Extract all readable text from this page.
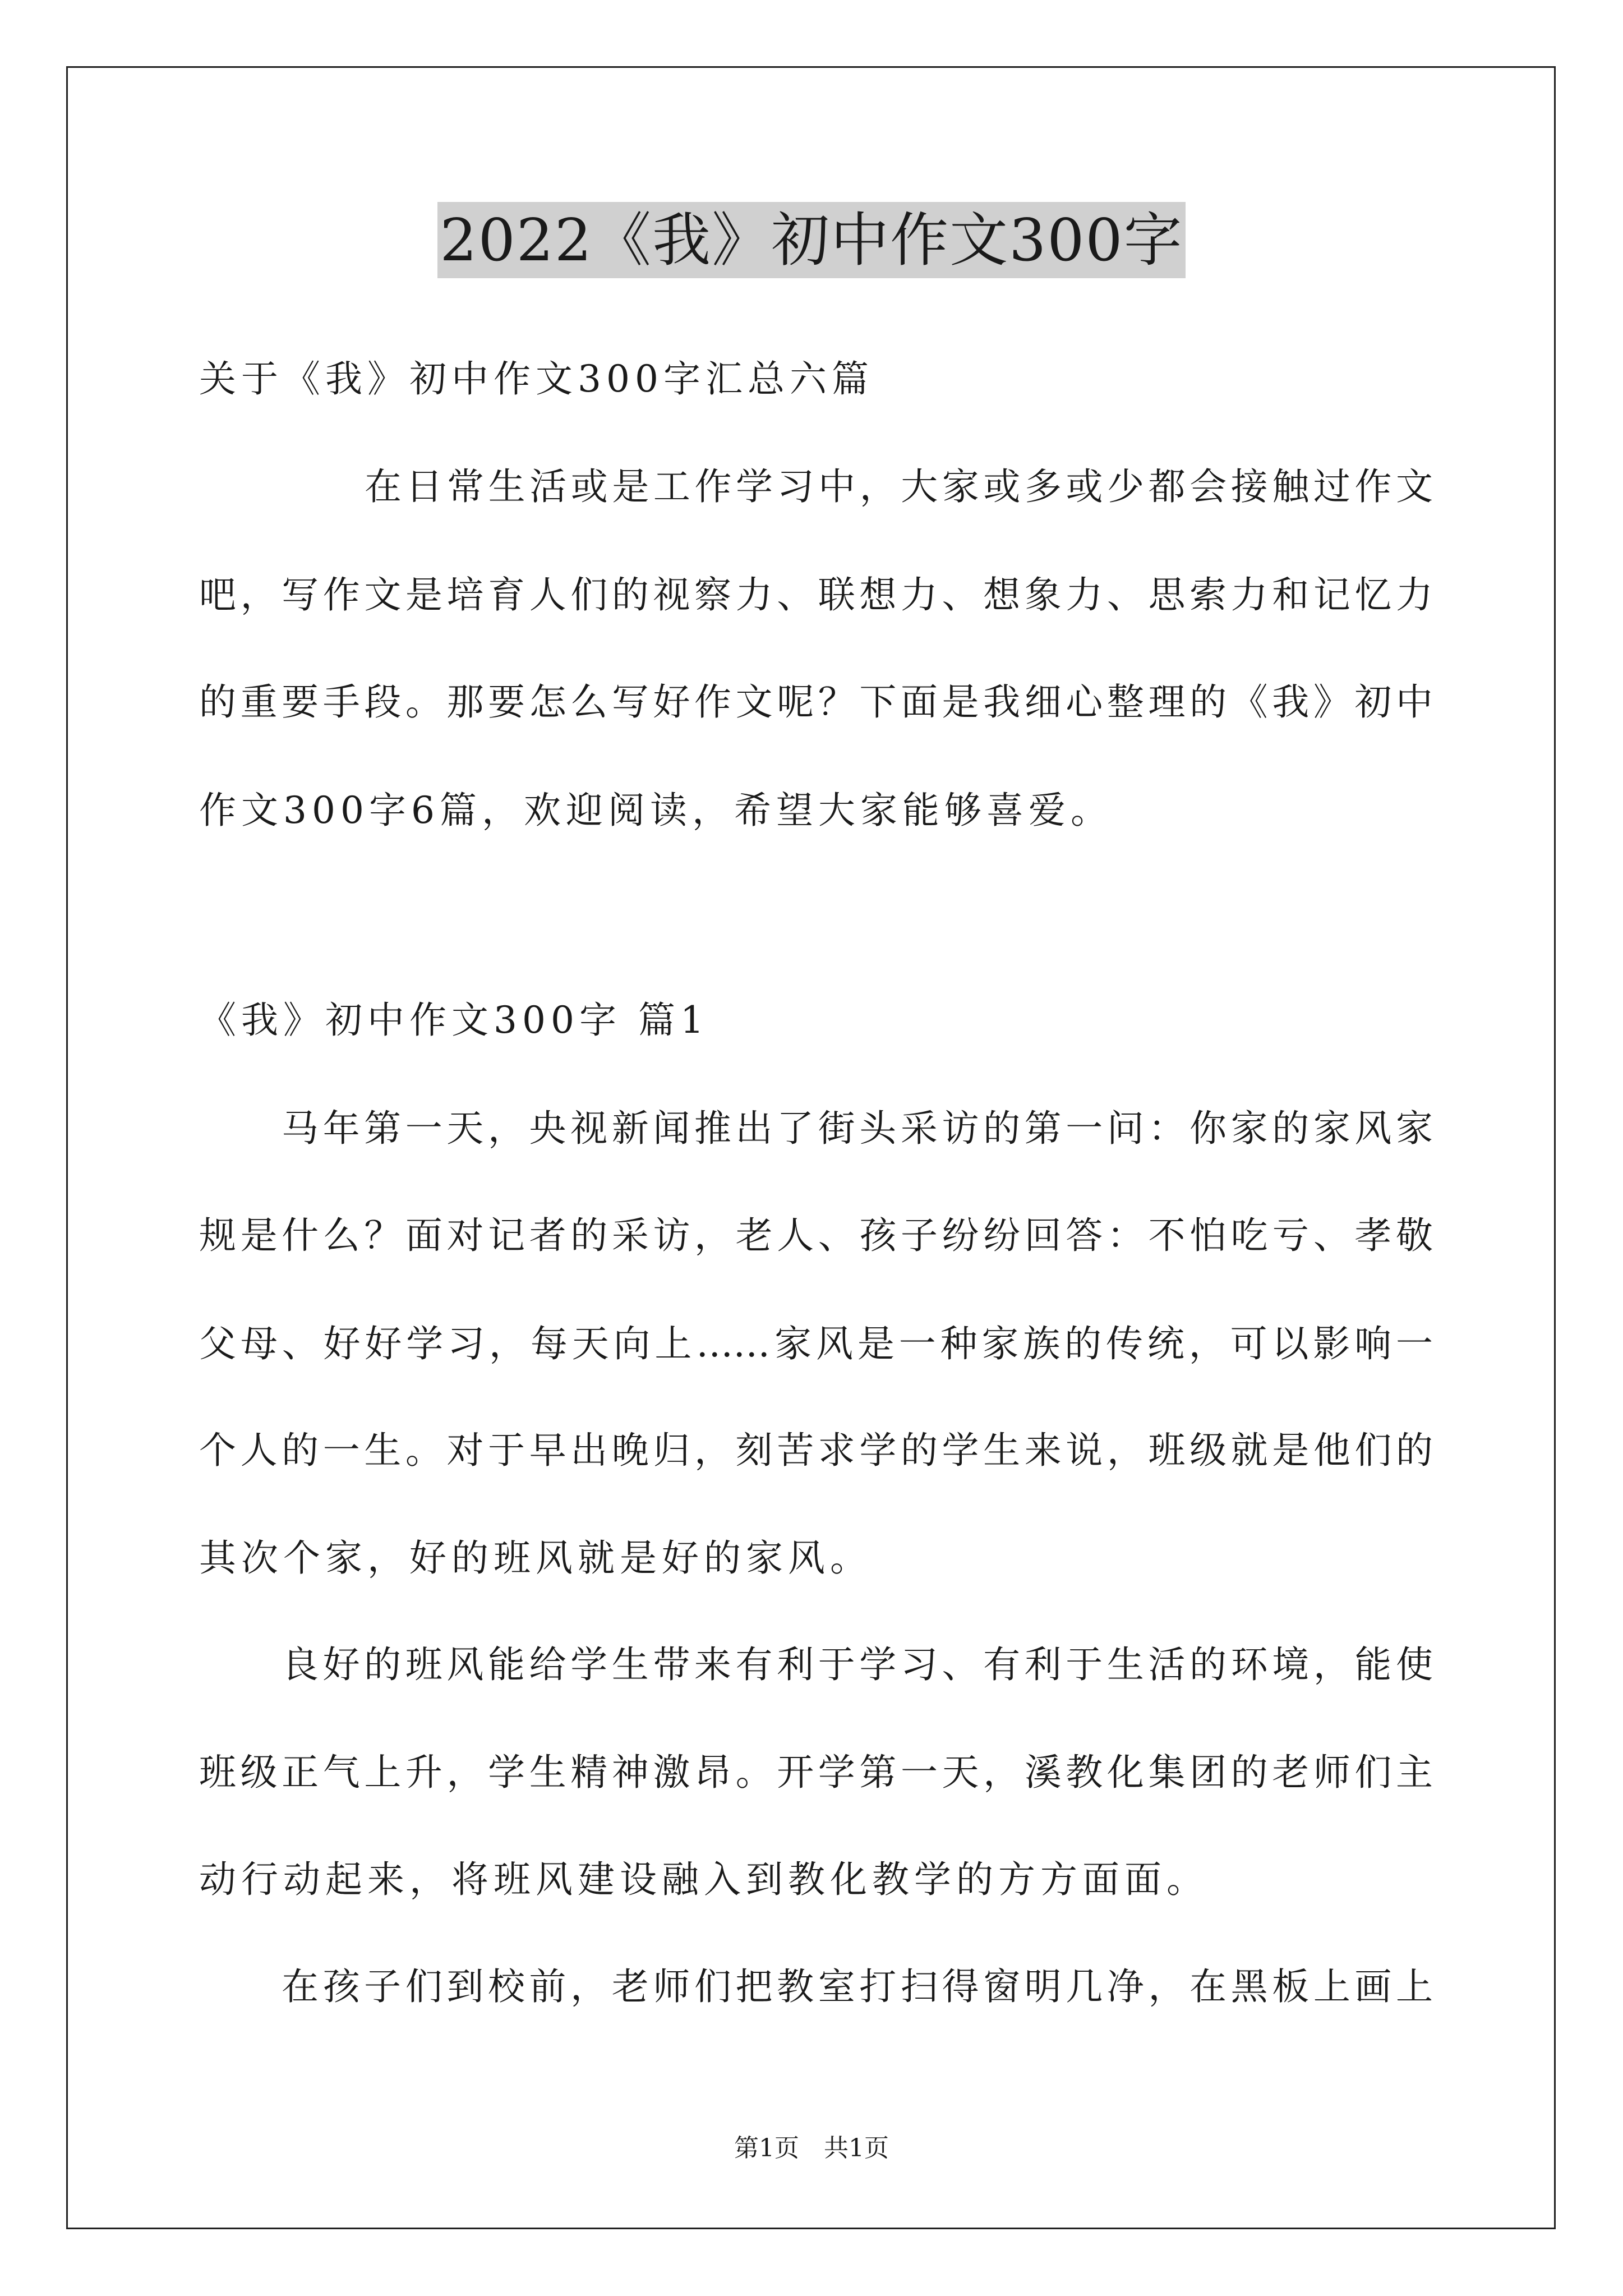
2022《我》初中作文300字
关于《我》初中作文300字汇总六篇
在日常生活或是工作学习中，大家或多或少都会接触过作文
吧，写作文是培育人们的视察力、联想力、想象力、思索力和记忆力
的重要手段。那要怎么写好作文呢？下面是我细心整理的《我》初中
作文300字6篇，欢迎阅读，希望大家能够喜爱。
《我》初中作文300字 篇1
马年第一天，央视新闻推出了街头采访的第一问：你家的家风家
规是什么？面对记者的采访，老人、孩子纷纷回答：不怕吃亏、孝敬
父母、好好学习，每天向上……家风是一种家族的传统，可以影响一
个人的一生。对于早出晚归，刻苦求学的学生来说，班级就是他们的
其次个家，好的班风就是好的家风。
良好的班风能给学生带来有利于学习、有利于生活的环境，能使
班级正气上升，学生精神激昂。开学第一天，溪教化集团的老师们主
动行动起来，将班风建设融入到教化教学的方方面面。
在孩子们到校前，老师们把教室打扫得窗明几净，在黑板上画上
第1页　共1页
